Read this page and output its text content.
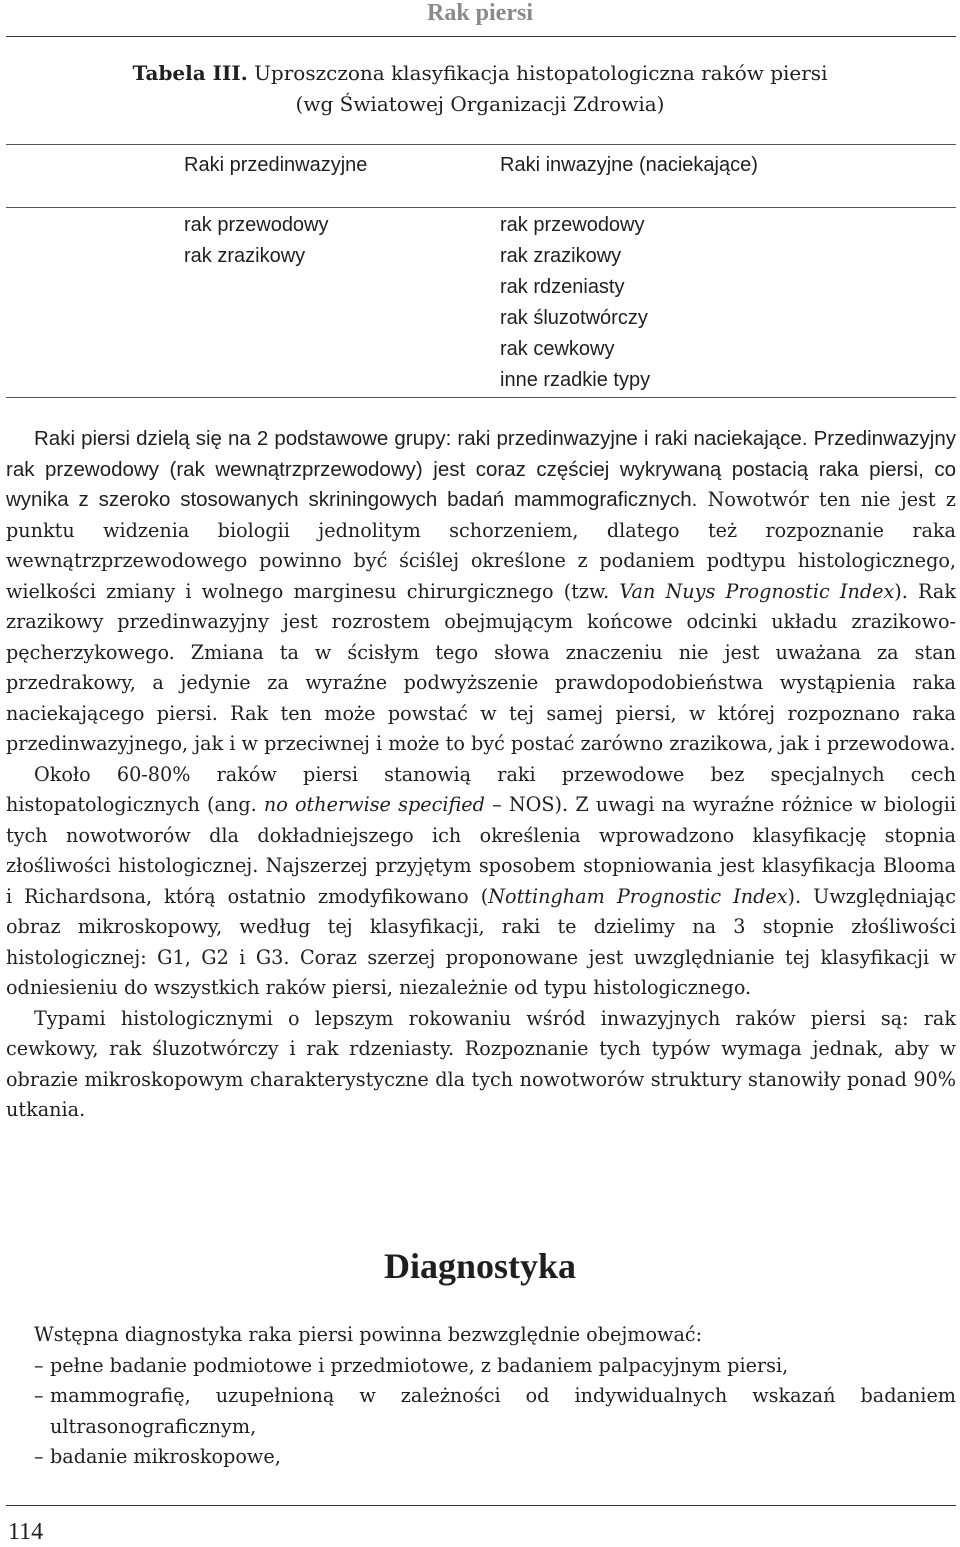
Rak piersi
Tabela III. Uproszczona klasyfikacja histopatologiczna raków piersi
(wg Światowej Organizacji Zdrowia)
Raki przedinwazyjne	Raki inwazyjne (naciekające)
rak przewodowy
rak zrazikowy
rak przewodowy
rak zrazikowy
rak rdzeniasty
rak śluzotwórczy
rak cewkowy
inne rzadkie typy

Raki piersi dzielą się na 2 podstawowe grupy: raki przedinwazyjne i raki naciekające. Przedinwazyjny rak przewodowy (rak wewnątrzprzewodowy) jest coraz częściej wykrywaną postacią raka piersi, co wynika z szeroko stosowanych skriningowych badań mammograficznych. Nowotwór ten nie jest z punktu widzenia biologii jednolitym schorzeniem, dlatego też rozpoznanie raka wewnątrzprzewodowego powinno być ściślej określone z podaniem podtypu histologicznego, wielkości zmiany i wolnego marginesu chirurgicznego (tzw. Van Nuys Prognostic Index). Rak zrazikowy przedinwazyjny jest rozrostem obejmującym końcowe odcinki układu zrazikowo-pęcherzykowego. Zmiana ta w ścisłym tego słowa znaczeniu nie jest uważana za stan przedrakowy, a jedynie za wyraźne podwyższenie prawdopodobieństwa wystąpienia raka naciekającego piersi. Rak ten może powstać w tej samej piersi, w której rozpoznano raka przedinwazyjnego, jak i w przeciwnej i może to być postać zarówno zrazikowa, jak i przewodowa.

Około 60-80% raków piersi stanowią raki przewodowe bez specjalnych cech histopatologicznych (ang. no otherwise specified – NOS). Z uwagi na wyraźne różnice w biologii tych nowotworów dla dokładniejszego ich określenia wprowadzono klasyfikację stopnia złośliwości histologicznej. Najszerzej przyjętym sposobem stopniowania jest klasyfikacja Blooma i Richardsona, którą ostatnio zmodyfikowano (Nottingham Prognostic Index). Uwzględniając obraz mikroskopowy, według tej klasyfikacji, raki te dzielimy na 3 stopnie złośliwości histologicznej: G1, G2 i G3. Coraz szerzej proponowane jest uwzględnianie tej klasyfikacji w odniesieniu do wszystkich raków piersi, niezależnie od typu histologicznego.

Typami histologicznymi o lepszym rokowaniu wśród inwazyjnych raków piersi są: rak cewkowy, rak śluzotwórczy i rak rdzeniasty. Rozpoznanie tych typów wymaga jednak, aby w obrazie mikroskopowym charakterystyczne dla tych nowotworów struktury stanowiły ponad 90% utkania.

Diagnostyka

Wstępna diagnostyka raka piersi powinna bezwzględnie obejmować:

– pełne badanie podmiotowe i przedmiotowe, z badaniem palpacyjnym piersi,
– mammografię, uzupełnioną w zależności od indywidualnych wskazań badaniem ultrasonograficznym,
– badanie mikroskopowe,
114
